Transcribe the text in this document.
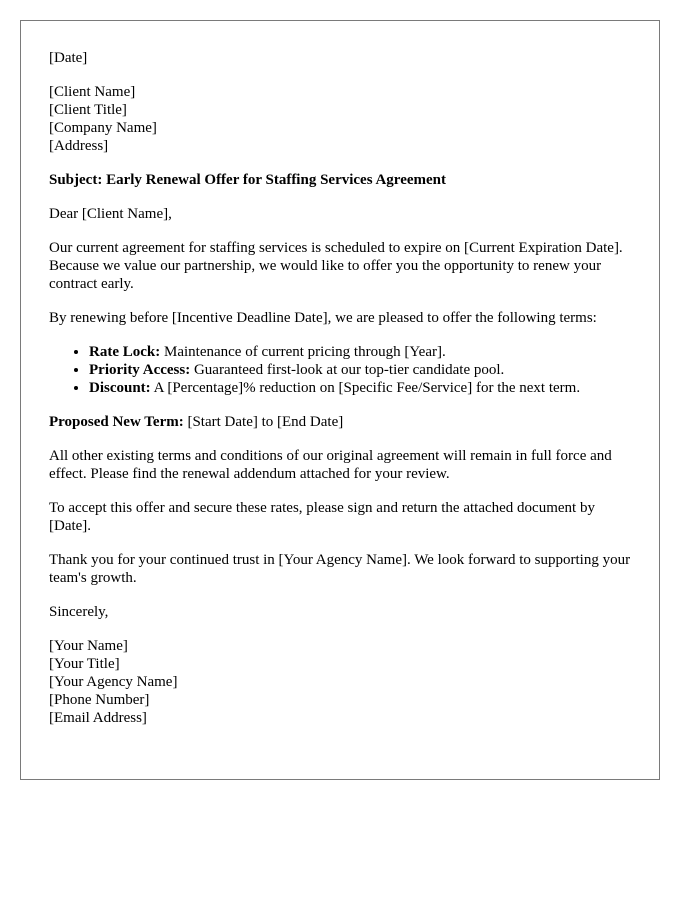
[Date]
[Client Name]
[Client Title]
[Company Name]
[Address]

Subject: Early Renewal Offer for Staffing Services Agreement

Dear [Client Name],

Our current agreement for staffing services is scheduled to expire on [Current Expiration Date]. Because we value our partnership, we would like to offer you the opportunity to renew your contract early.

By renewing before [Incentive Deadline Date], we are pleased to offer the following terms:

• Rate Lock: Maintenance of current pricing through [Year].
• Priority Access: Guaranteed first-look at our top-tier candidate pool.
• Discount: A [Percentage]% reduction on [Specific Fee/Service] for the next term.

Proposed New Term: [Start Date] to [End Date]

All other existing terms and conditions of our original agreement will remain in full force and effect. Please find the renewal addendum attached for your review.

To accept this offer and secure these rates, please sign and return the attached document by [Date].

Thank you for your continued trust in [Your Agency Name]. We look forward to supporting your team's growth.

Sincerely,

[Your Name]
[Your Title]
[Your Agency Name]
[Phone Number]
[Email Address]
